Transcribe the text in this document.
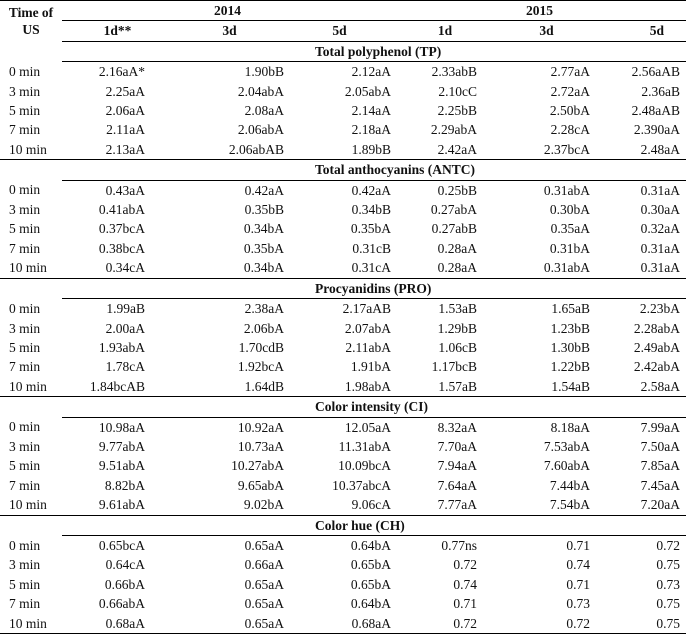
Time of US	2014			2015		

	1d**	3d	5d	1d	3d	5d
	Total polyphenol (TP)					
0 min	2.16aA*	1.90bB	2.12aA	2.33abB	2.77aA	2.56aAB
3 min	2.25aA	2.04abA	2.05abA	2.10cC	2.72aA	2.36aB
5 min	2.06aA	2.08aA	2.14aA	2.25bB	2.50bA	2.48aAB
7 min	2.11aA	2.06abA	2.18aA	2.29abA	2.28cA	2.390aA
10 min	2.13aA	2.06abAB	1.89bB	2.42aA	2.37bcA	2.48aA
	Total anthocyanins (ANTC)					
0 min	0.43aA	0.42aA	0.42aA	0.25bB	0.31abA	0.31aA
3 min	0.41abA	0.35bB	0.34bB	0.27abA	0.30bA	0.30aA
5 min	0.37bcA	0.34bA	0.35bA	0.27abB	0.35aA	0.32aA
7 min	0.38bcA	0.35bA	0.31cB	0.28aA	0.31bA	0.31aA
10 min	0.34cA	0.34bA	0.31cA	0.28aA	0.31abA	0.31aA
	Procyanidins (PRO)					
0 min	1.99aB	2.38aA	2.17aAB	1.53aB	1.65aB	2.23bA
3 min	2.00aA	2.06bA	2.07abA	1.29bB	1.23bB	2.28abA
5 min	1.93abA	1.70cdB	2.11abA	1.06cB	1.30bB	2.49abA
7 min	1.78cA	1.92bcA	1.91bA	1.17bcB	1.22bB	2.42abA
10 min	1.84bcAB	1.64dB	1.98abA	1.57aB	1.54aB	2.58aA
	Color intensity (CI)					
0 min	10.98aA	10.92aA	12.05aA	8.32aA	8.18aA	7.99aA
3 min	9.77abA	10.73aA	11.31abA	7.70aA	7.53abA	7.50aA
5 min	9.51abA	10.27abA	10.09bcA	7.94aA	7.60abA	7.85aA
7 min	8.82bA	9.65abA	10.37abcA	7.64aA	7.44bA	7.45aA
10 min	9.61abA	9.02bA	9.06cA	7.77aA	7.54bA	7.20aA
	Color hue (CH)					
0 min	0.65bcA	0.65aA	0.64bA	0.77ns	0.71	0.72
3 min	0.64cA	0.66aA	0.65bA	0.72	0.74	0.75
5 min	0.66bA	0.65aA	0.65bA	0.74	0.71	0.73
7 min	0.66abA	0.65aA	0.64bA	0.71	0.73	0.75
10 min	0.68aA	0.65aA	0.68aA	0.72	0.72	0.75
